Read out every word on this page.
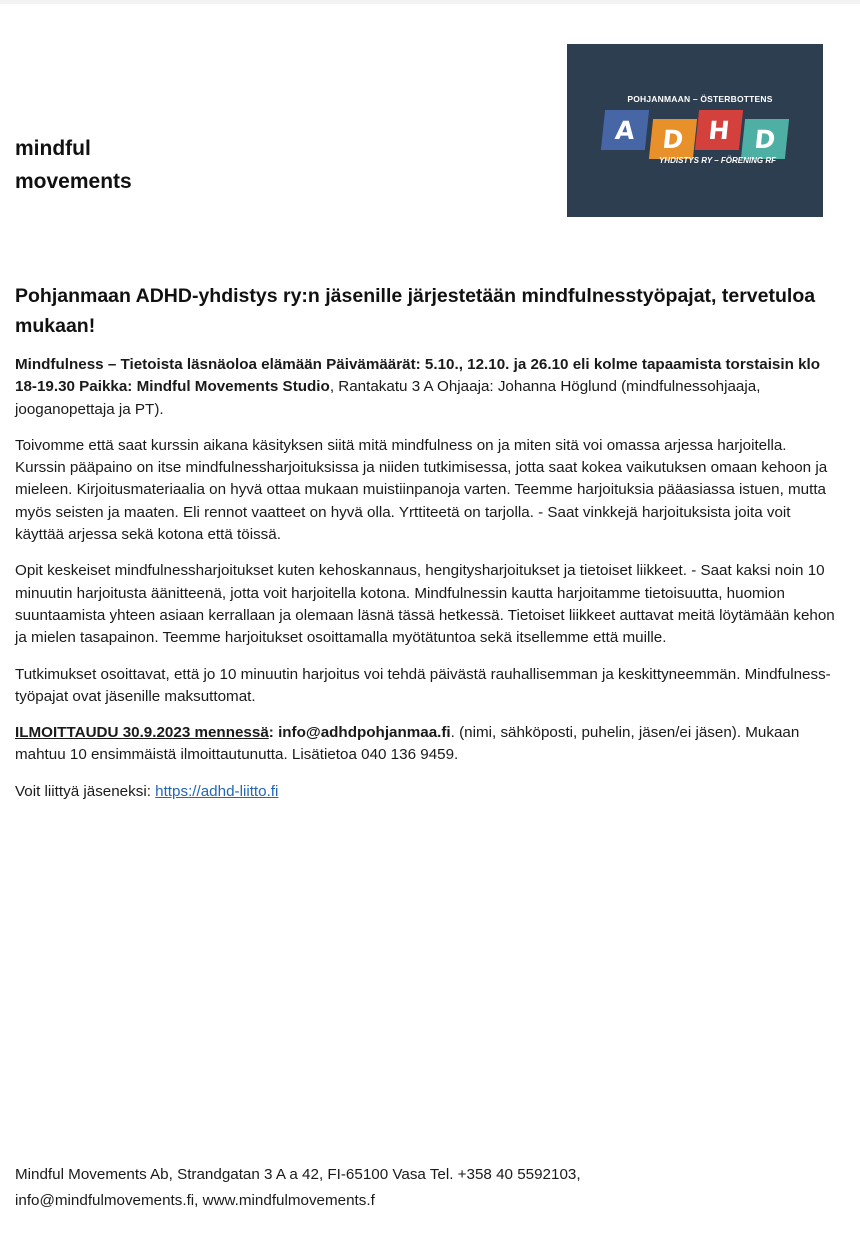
mindful
movements
POHJANMAAN – ÖSTERBOTTENS
A D H D
YHDISTYS RY – FÖRENING RF
Pohjanmaan ADHD-yhdistys ry:n jäsenille järjestetään mindfulnesstyöpajat, tervetuloa mukaan!

Mindfulness – Tietoista läsnäoloa elämään Päivämäärät: 5.10., 12.10. ja 26.10 eli kolme tapaamista torstaisin klo 18-19.30 Paikka: Mindful Movements Studio, Rantakatu 3 A Ohjaaja: Johanna Höglund (mindfulnessohjaaja, jooganopettaja ja PT).

Toivomme että saat kurssin aikana käsityksen siitä mitä mindfulness on ja miten sitä voi omassa arjessa harjoitella. Kurssin pääpaino on itse mindfulnessharjoituksissa ja niiden tutkimisessa, jotta saat kokea vaikutuksen omaan kehoon ja mieleen. Kirjoitusmateriaalia on hyvä ottaa mukaan muistiinpanoja varten. Teemme harjoituksia pääasiassa istuen, mutta myös seisten ja maaten. Eli rennot vaatteet on hyvä olla. Yrttiteetä on tarjolla. - Saat vinkkejä harjoituksista joita voit käyttää arjessa sekä kotona että töissä.

Opit keskeiset mindfulnessharjoitukset kuten kehoskannaus, hengitysharjoitukset ja tietoiset liikkeet. - Saat kaksi noin 10 minuutin harjoitusta äänitteenä, jotta voit harjoitella kotona. Mindfulnessin kautta harjoitamme tietoisuutta, huomion suuntaamista yhteen asiaan kerrallaan ja olemaan läsnä tässä hetkessä. Tietoiset liikkeet auttavat meitä löytämään kehon ja mielen tasapainon. Teemme harjoitukset osoittamalla myötätuntoa sekä itsellemme että muille.

Tutkimukset osoittavat, että jo 10 minuutin harjoitus voi tehdä päivästä rauhallisemman ja keskittyneemmän. Mindfulness-työpajat ovat jäsenille maksuttomat.

ILMOITTAUDU 30.9.2023 mennessä: info@adhdpohjanmaa.fi. (nimi, sähköposti, puhelin, jäsen/ei jäsen). Mukaan mahtuu 10 ensimmäistä ilmoittautunutta. Lisätietoa 040 136 9459.

Voit liittyä jäseneksi: https://adhd-liitto.fi

Mindful Movements Ab, Strandgatan 3 A a 42, FI-65100 Vasa Tel. +358 40 5592103,
info@mindfulmovements.fi, www.mindfulmovements.f
